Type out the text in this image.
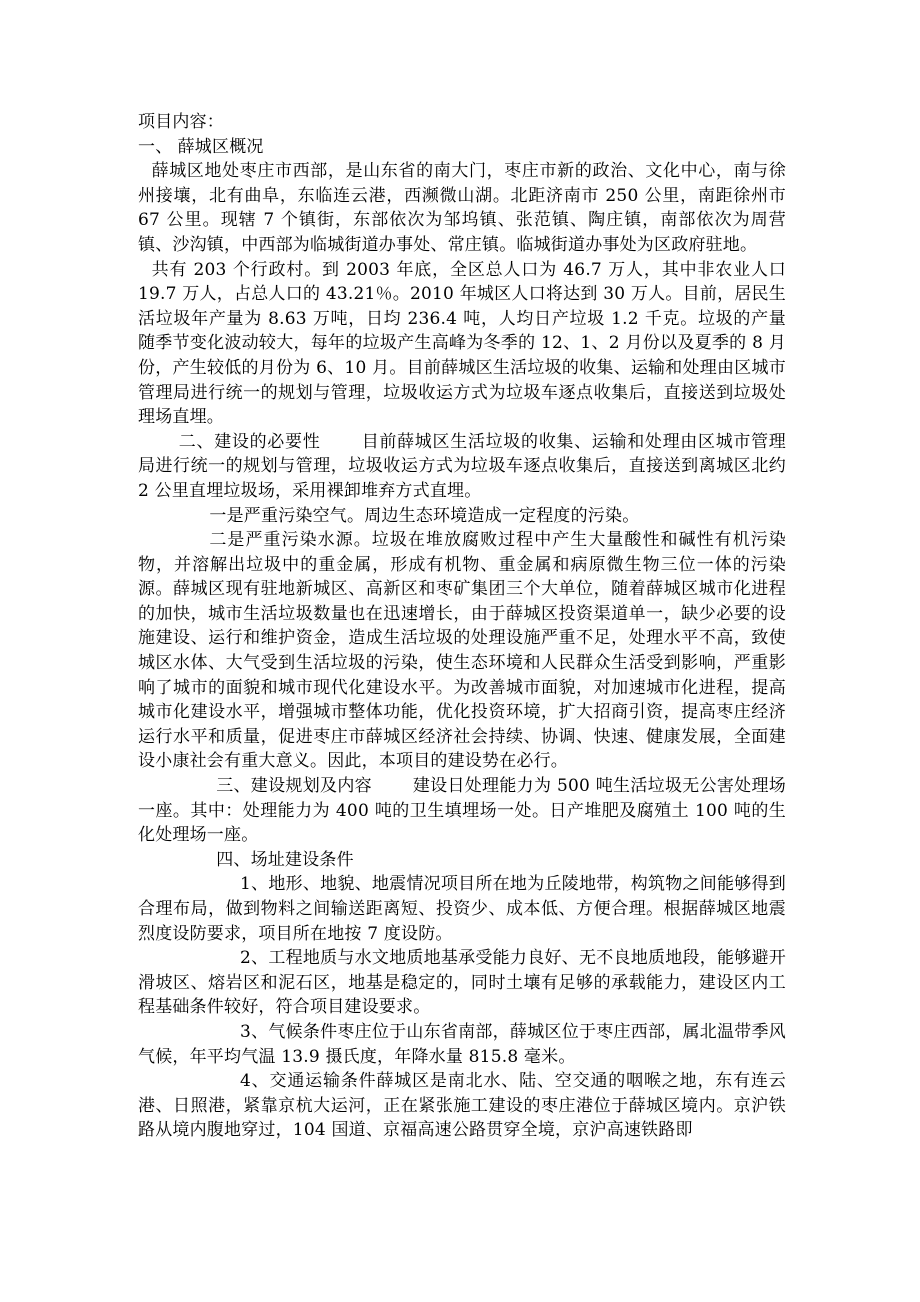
项目内容：
一、 薛城区概况

薛城区地处枣庄市西部，是山东省的南大门，枣庄市新的政治、文化中心，南与徐州接壤，北有曲阜，东临连云港，西濒微山湖。北距济南市 250 公里，南距徐州市 67 公里。现辖 7 个镇街，东部依次为邹坞镇、张范镇、陶庄镇，南部依次为周营镇、沙沟镇，中西部为临城街道办事处、常庄镇。临城街道办事处为区政府驻地。

共有 203 个行政村。到 2003 年底，全区总人口为 46.7 万人，其中非农业人口 19.7 万人，占总人口的 43.21％。2010 年城区人口将达到 30 万人。目前，居民生活垃圾年产量为 8.63 万吨，日均 236.4 吨，人均日产垃圾 1.2 千克。垃圾的产量随季节变化波动较大，每年的垃圾产生高峰为冬季的 12、1、2 月份以及夏季的 8 月份，产生较低的月份为 6、10 月。目前薛城区生活垃圾的收集、运输和处理由区城市管理局进行统一的规划与管理，垃圾收运方式为垃圾车逐点收集后，直接送到垃圾处理场直埋。

二、建设的必要性 目前薛城区生活垃圾的收集、运输和处理由区城市管理局进行统一的规划与管理，垃圾收运方式为垃圾车逐点收集后，直接送到离城区北约 2 公里直埋垃圾场，采用裸卸堆弃方式直埋。

一是严重污染空气。周边生态环境造成一定程度的污染。

二是严重污染水源。垃圾在堆放腐败过程中产生大量酸性和碱性有机污染物，并溶解出垃圾中的重金属，形成有机物、重金属和病原微生物三位一体的污染源。薛城区现有驻地新城区、高新区和枣矿集团三个大单位，随着薛城区城市化进程的加快，城市生活垃圾数量也在迅速增长，由于薛城区投资渠道单一，缺少必要的设施建设、运行和维护资金，造成生活垃圾的处理设施严重不足，处理水平不高，致使城区水体、大气受到生活垃圾的污染，使生态环境和人民群众生活受到影响，严重影响了城市的面貌和城市现代化建设水平。为改善城市面貌，对加速城市化进程，提高城市化建设水平，增强城市整体功能，优化投资环境，扩大招商引资，提高枣庄经济运行水平和质量，促进枣庄市薛城区经济社会持续、协调、快速、健康发展，全面建设小康社会有重大意义。因此，本项目的建设势在必行。

三、建设规划及内容 建设日处理能力为 500 吨生活垃圾无公害处理场一座。其中：处理能力为 400 吨的卫生填埋场一处。日产堆肥及腐殖土 100 吨的生化处理场一座。

四、场址建设条件

1、地形、地貌、地震情况项目所在地为丘陵地带，构筑物之间能够得到合理布局，做到物料之间输送距离短、投资少、成本低、方便合理。根据薛城区地震烈度设防要求，项目所在地按 7 度设防。

2、工程地质与水文地质地基承受能力良好、无不良地质地段，能够避开滑坡区、熔岩区和泥石区，地基是稳定的，同时土壤有足够的承载能力，建设区内工程基础条件较好，符合项目建设要求。

3、气候条件枣庄位于山东省南部，薛城区位于枣庄西部，属北温带季风气候，年平均气温 13.9 摄氏度，年降水量 815.8 毫米。

4、交通运输条件薛城区是南北水、陆、空交通的咽喉之地，东有连云港、日照港，紧靠京杭大运河，正在紧张施工建设的枣庄港位于薛城区境内。京沪铁路从境内腹地穿过，104 国道、京福高速公路贯穿全境，京沪高速铁路即
